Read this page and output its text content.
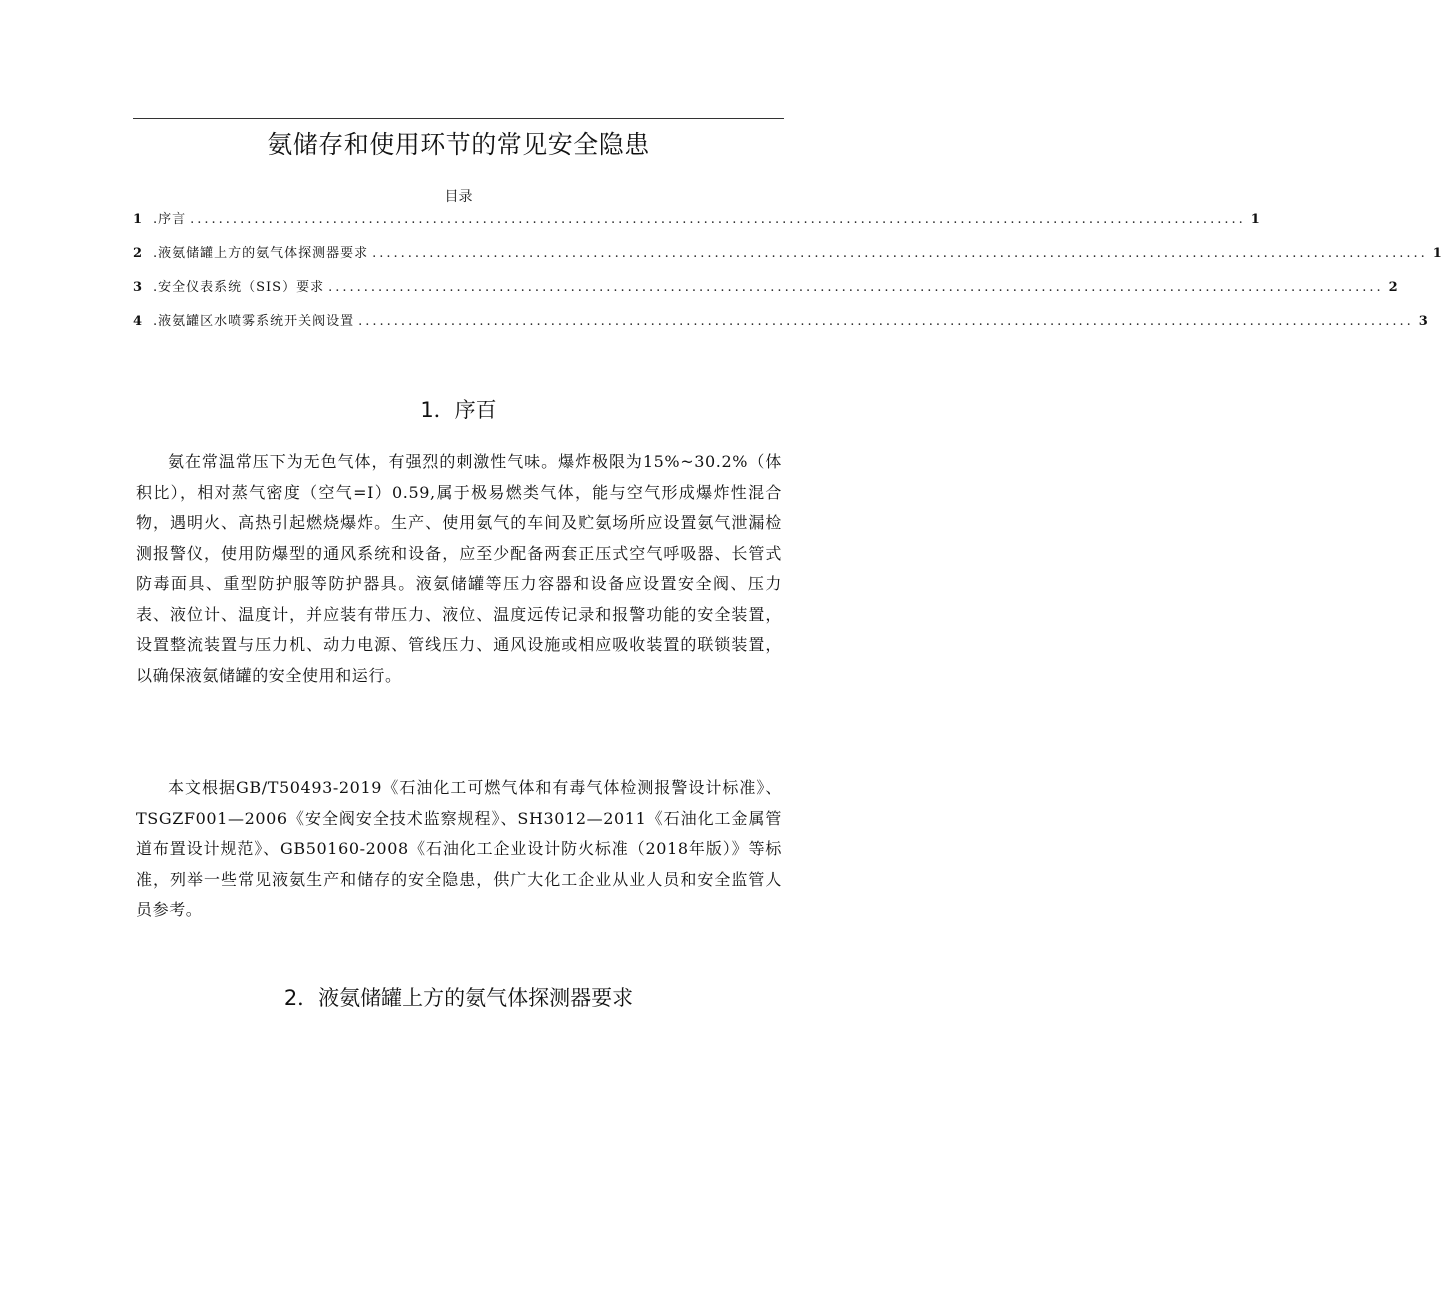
氨储存和使用环节的常见安全隐患
目录
1 .序言 .................................................................................................................................................... 1
2 .液氨储罐上方的氨气体探测器要求 .................................................................................................................................................... 1
3 .安全仪表系统（SIS）要求 .................................................................................................................................................... 2
4 .液氨罐区水喷雾系统开关阀设置 .................................................................................................................................................... 3
1．序百

氨在常温常压下为无色气体，有强烈的刺激性气味。爆炸极限为15%~30.2%（体积比），相对蒸气密度（空气=I）0.59,属于极易燃类气体，能与空气形成爆炸性混合物，遇明火、高热引起燃烧爆炸。生产、使用氨气的车间及贮氨场所应设置氨气泄漏检测报警仪，使用防爆型的通风系统和设备，应至少配备两套正压式空气呼吸器、长管式防毒面具、重型防护服等防护器具。液氨储罐等压力容器和设备应设置安全阀、压力表、液位计、温度计，并应装有带压力、液位、温度远传记录和报警功能的安全装置，设置整流装置与压力机、动力电源、管线压力、通风设施或相应吸收装置的联锁装置，以确保液氨储罐的安全使用和运行。

本文根据GB/T50493-2019《石油化工可燃气体和有毒气体检测报警设计标准》、TSGZF001—2006《安全阀安全技术监察规程》、SH3012—2011《石油化工金属管道布置设计规范》、GB50160-2008《石油化工企业设计防火标准（2018年版）》等标准，列举一些常见液氨生产和储存的安全隐患，供广大化工企业从业人员和安全监管人员参考。

2．液氨储罐上方的氨气体探测器要求
